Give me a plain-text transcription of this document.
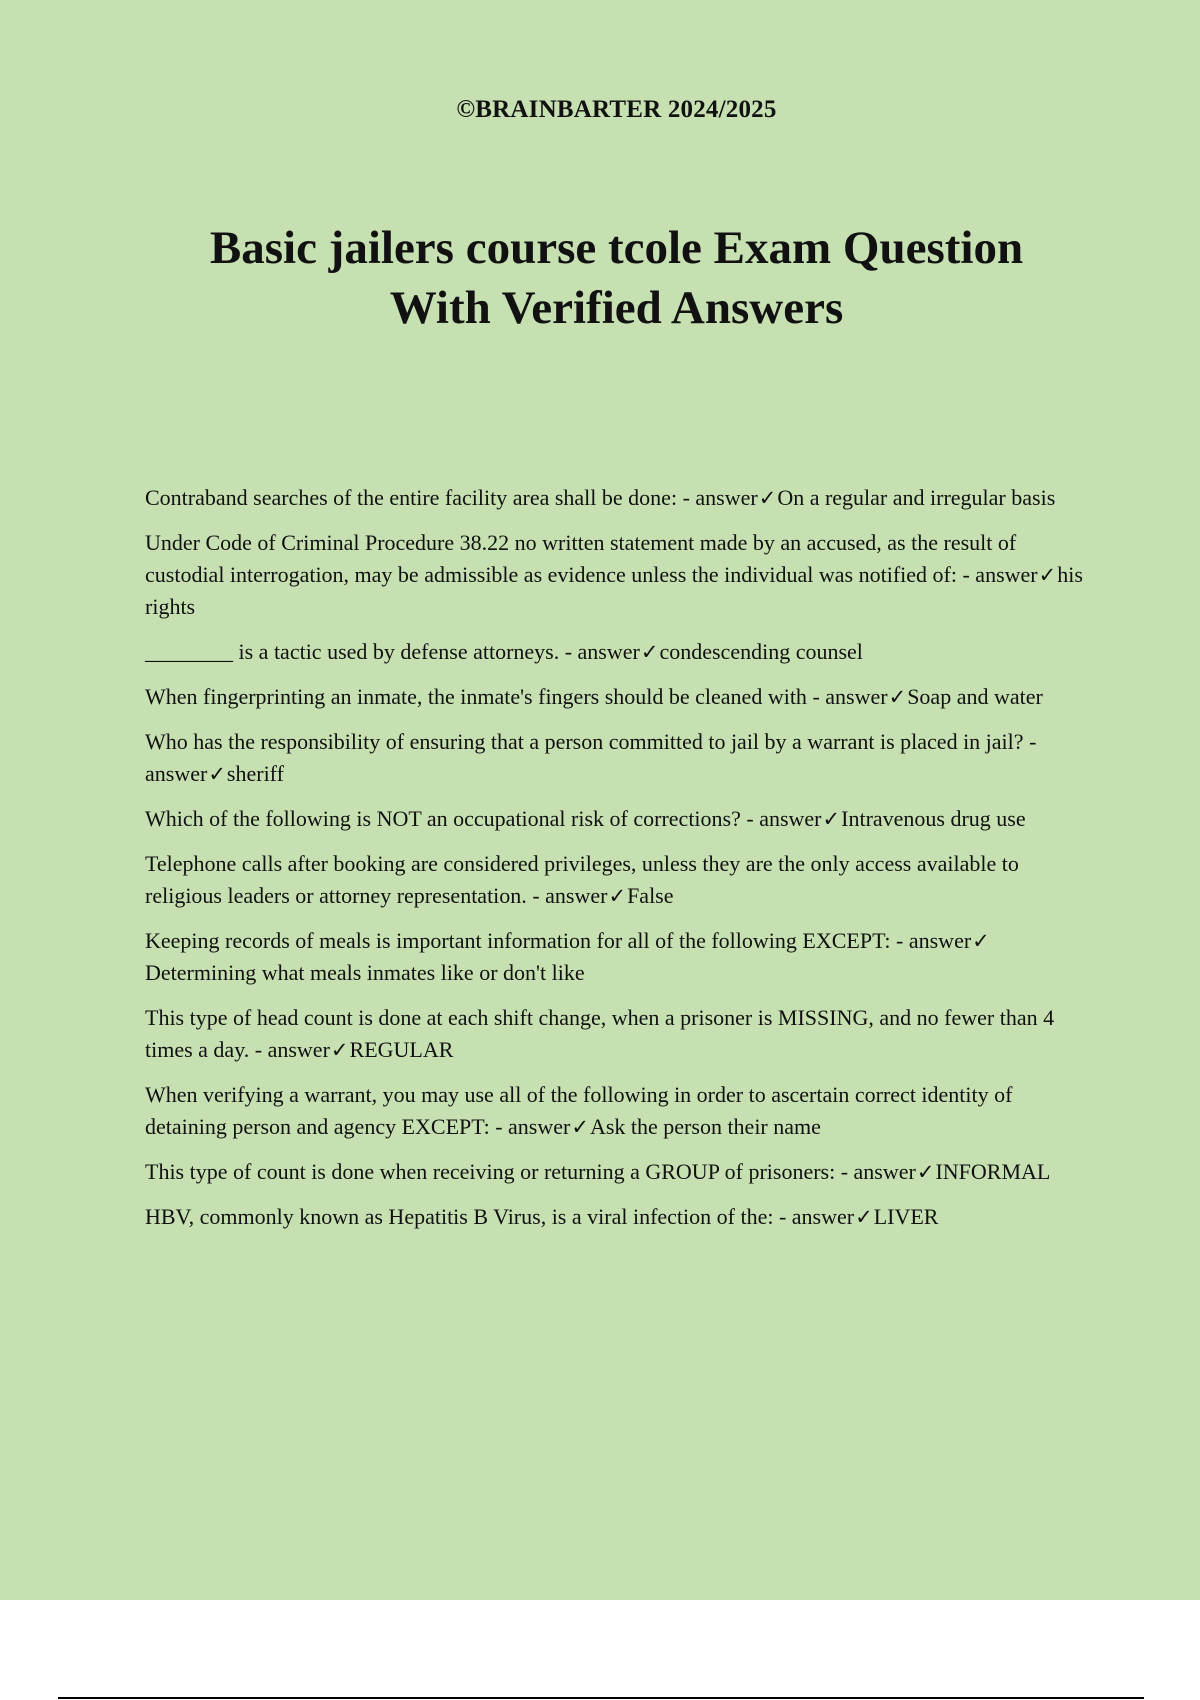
©BRAINBARTER 2024/2025
Basic jailers course tcole Exam Question
With Verified Answers

Contraband searches of the entire facility area shall be done: - answer✓On a regular and irregular basis

Under Code of Criminal Procedure 38.22 no written statement made by an accused, as the result of custodial interrogation, may be admissible as evidence unless the individual was notified of: - answer✓his rights

________ is a tactic used by defense attorneys. - answer✓condescending counsel

When fingerprinting an inmate, the inmate's fingers should be cleaned with - answer✓Soap and water

Who has the responsibility of ensuring that a person committed to jail by a warrant is placed in jail? - answer✓sheriff

Which of the following is NOT an occupational risk of corrections? - answer✓Intravenous drug use

Telephone calls after booking are considered privileges, unless they are the only access available to religious leaders or attorney representation. - answer✓False

Keeping records of meals is important information for all of the following EXCEPT: - answer✓Determining what meals inmates like or don't like

This type of head count is done at each shift change, when a prisoner is MISSING, and no fewer than 4 times a day. - answer✓REGULAR

When verifying a warrant, you may use all of the following in order to ascertain correct identity of detaining person and agency EXCEPT: - answer✓Ask the person their name

This type of count is done when receiving or returning a GROUP of prisoners: - answer✓INFORMAL

HBV, commonly known as Hepatitis B Virus, is a viral infection of the: - answer✓LIVER
